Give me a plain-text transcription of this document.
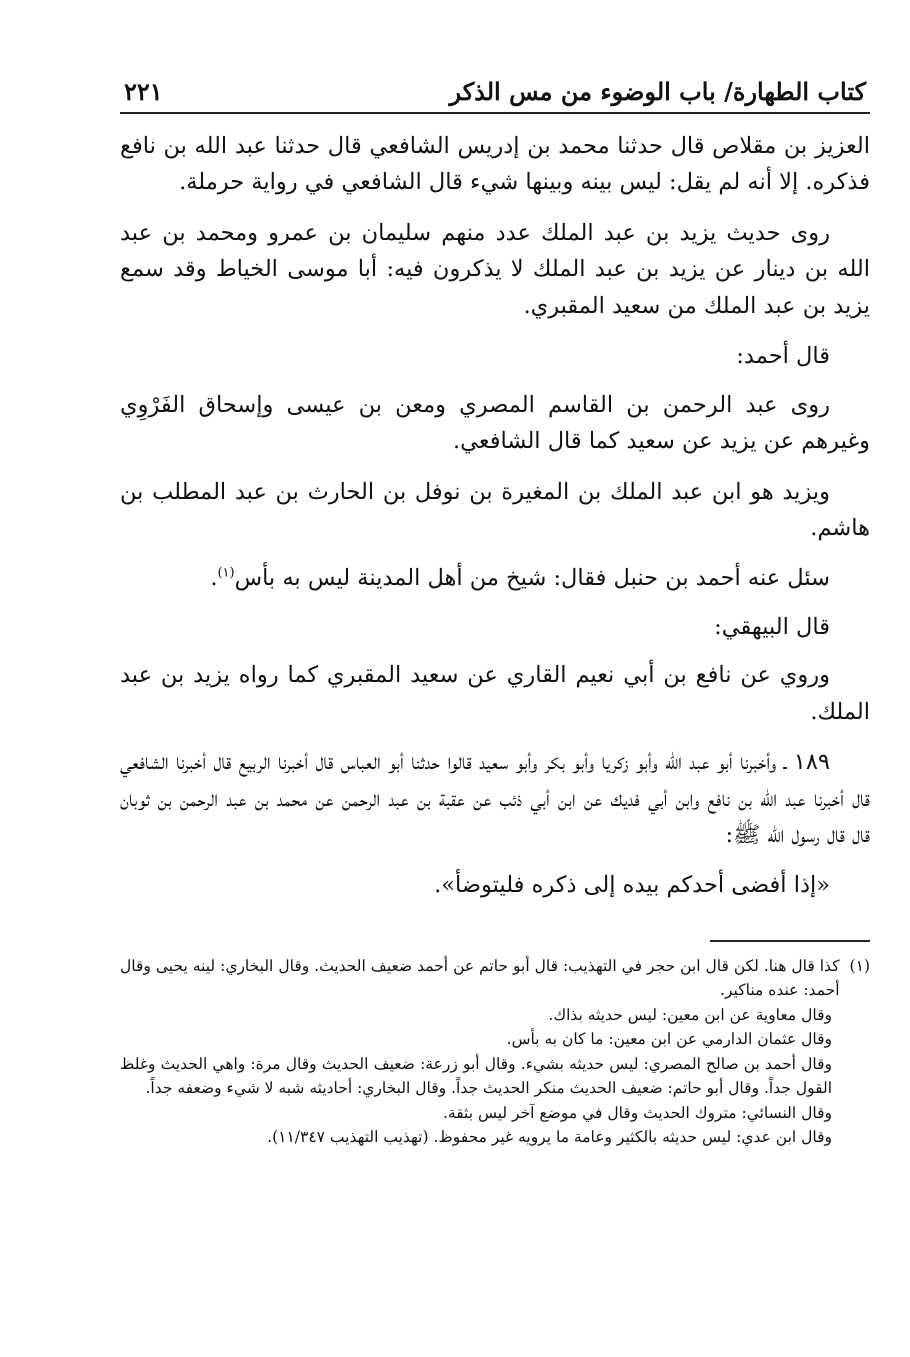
كتاب الطهارة/ باب الوضوء من مس الذكر
٢٢١

العزيز بن مقلاص قال حدثنا محمد بن إدريس الشافعي قال حدثنا عبد الله بن نافع فذكره. إلا أنه لم يقل: ليس بينه وبينها شيء قال الشافعي في رواية حرملة.

روى حديث يزيد بن عبد الملك عدد منهم سليمان بن عمرو ومحمد بن عبد الله بن دينار عن يزيد بن عبد الملك لا يذكرون فيه: أبا موسى الخياط وقد سمع يزيد بن عبد الملك من سعيد المقبري.

قال أحمد:

روى عبد الرحمن بن القاسم المصري ومعن بن عيسى وإسحاق الفَرْوِي وغيرهم عن يزيد عن سعيد كما قال الشافعي.

ويزيد هو ابن عبد الملك بن المغيرة بن نوفل بن الحارث بن عبد المطلب بن هاشم.

سئل عنه أحمد بن حنبل فقال: شيخ من أهل المدينة ليس به بأس$^{(١)}$.

قال البيهقي:

وروي عن نافع بن أبي نعيم القاري عن سعيد المقبري كما رواه يزيد بن عبد الملك.

١٨٩ ـ وأخبرنا أبو عبد الله وأبو زكريا وأبو بكر وأبو سعيد قالوا حدثنا أبو العباس قال أخبرنا الربيع قال أخبرنا الشافعي قال أخبرنا عبد الله بن نافع وابن أبي فديك عن ابن أبي ذئب عن عقبة بن عبد الرحمن عن محمد بن عبد الرحمن بن ثوبان قال قال رسول الله ﷺ:

«إذا أفضى أحدكم بيده إلى ذكره فليتوضأ».

(١)
كذا قال هنا. لكن قال ابن حجر في التهذيب: قال أبو حاتم عن أحمد ضعيف الحديث. وقال البخاري: لينه يحيى وقال أحمد: عنده مناكير.

وقال معاوية عن ابن معين: ليس حديثه بذاك.

وقال عثمان الدارمي عن ابن معين: ما كان به بأس.

وقال أحمد بن صالح المصري: ليس حديثه بشيء. وقال أبو زرعة: ضعيف الحديث وقال مرة: واهي الحديث وغلظ القول جداً. وقال أبو حاتم: ضعيف الحديث منكر الحديث جداً. وقال البخاري: أحاديثه شبه لا شيء وضعفه جداً.

وقال النسائي: متروك الحديث وقال في موضع آخر ليس بثقة.

وقال ابن عدي: ليس حديثه بالكثير وعامة ما يرويه غير محفوظ. (تهذيب التهذيب ١١/٣٤٧).
